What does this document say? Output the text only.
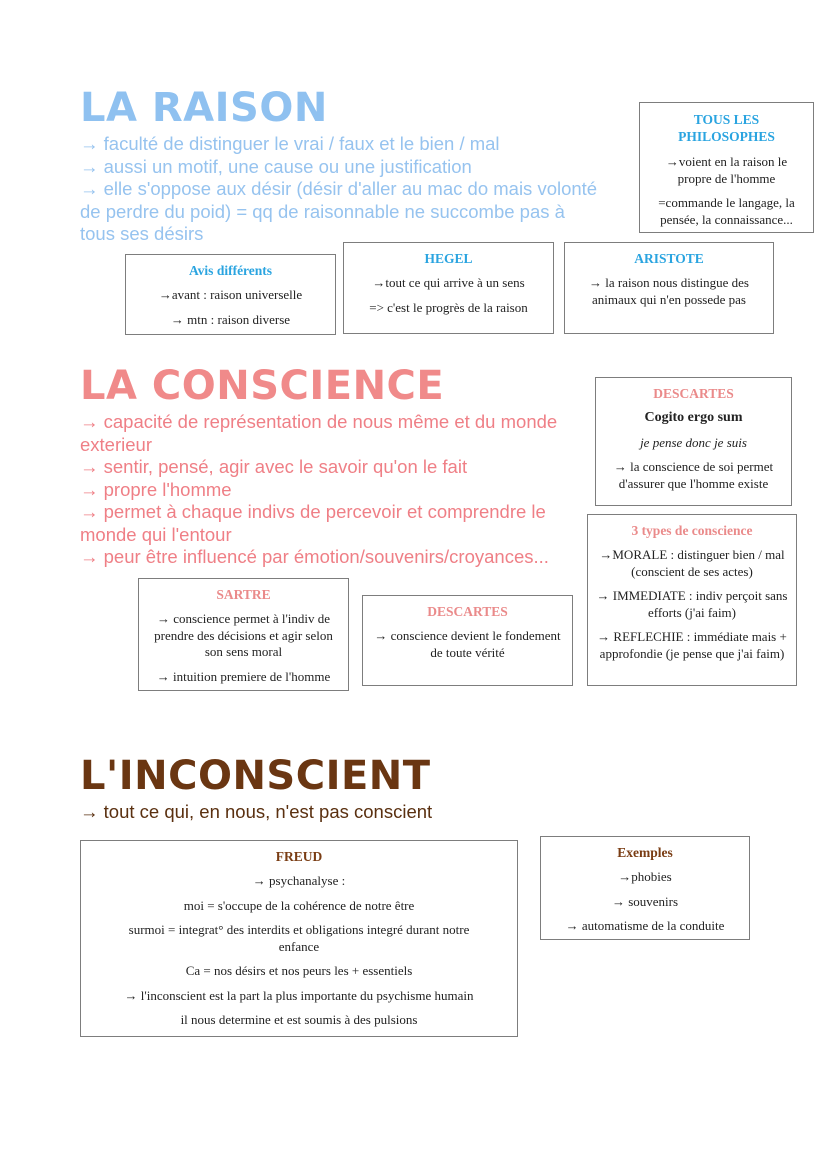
LA RAISON
→ faculté de distinguer le vrai / faux et le bien / mal
→ aussi un motif, une cause ou une justification
→ elle s'oppose aux désir (désir d'aller au mac do mais volonté
de perdre du poid) = qq de raisonnable ne succombe pas à
tous ses désirs
TOUS LES
PHILOSOPHES

→voient en la raison le propre de l'homme

=commande le langage, la pensée, la connaissance...

Avis différents

→avant : raison universelle

→ mtn : raison diverse

HEGEL

→tout ce qui arrive à un sens

=> c'est le progrès de la raison

ARISTOTE

→ la raison nous distingue des animaux qui n'en possede pas

LA CONSCIENCE
→ capacité de représentation de nous même et du monde
exterieur
→ sentir, pensé, agir avec le savoir qu'on le fait
→ propre l'homme
→ permet à chaque indivs de percevoir et comprendre le
monde qui l'entour
→ peur être influencé par émotion/souvenirs/croyances...
DESCARTES

Cogito ergo sum

je pense donc je suis

→ la conscience de soi permet d'assurer que l'homme existe

3 types de conscience

→MORALE : distinguer bien / mal (conscient de ses actes)

→ IMMEDIATE : indiv perçoit sans efforts (j'ai faim)

→ REFLECHIE : immédiate mais + approfondie (je pense que j'ai faim)

SARTRE

→ conscience permet à l'indiv de prendre des décisions et agir selon son sens moral

→ intuition premiere de l'homme

DESCARTES

→ conscience devient le fondement de toute vérité

L'INCONSCIENT
→ tout ce qui, en nous, n'est pas conscient
FREUD

→ psychanalyse :

moi = s'occupe de la cohérence de notre être

surmoi = integrat° des interdits et obligations integré durant notre enfance

Ca = nos désirs et nos peurs les + essentiels

→ l'inconscient est la part la plus importante du psychisme humain

il nous determine et est soumis à des pulsions

Exemples

→phobies

→ souvenirs

→ automatisme de la conduite
